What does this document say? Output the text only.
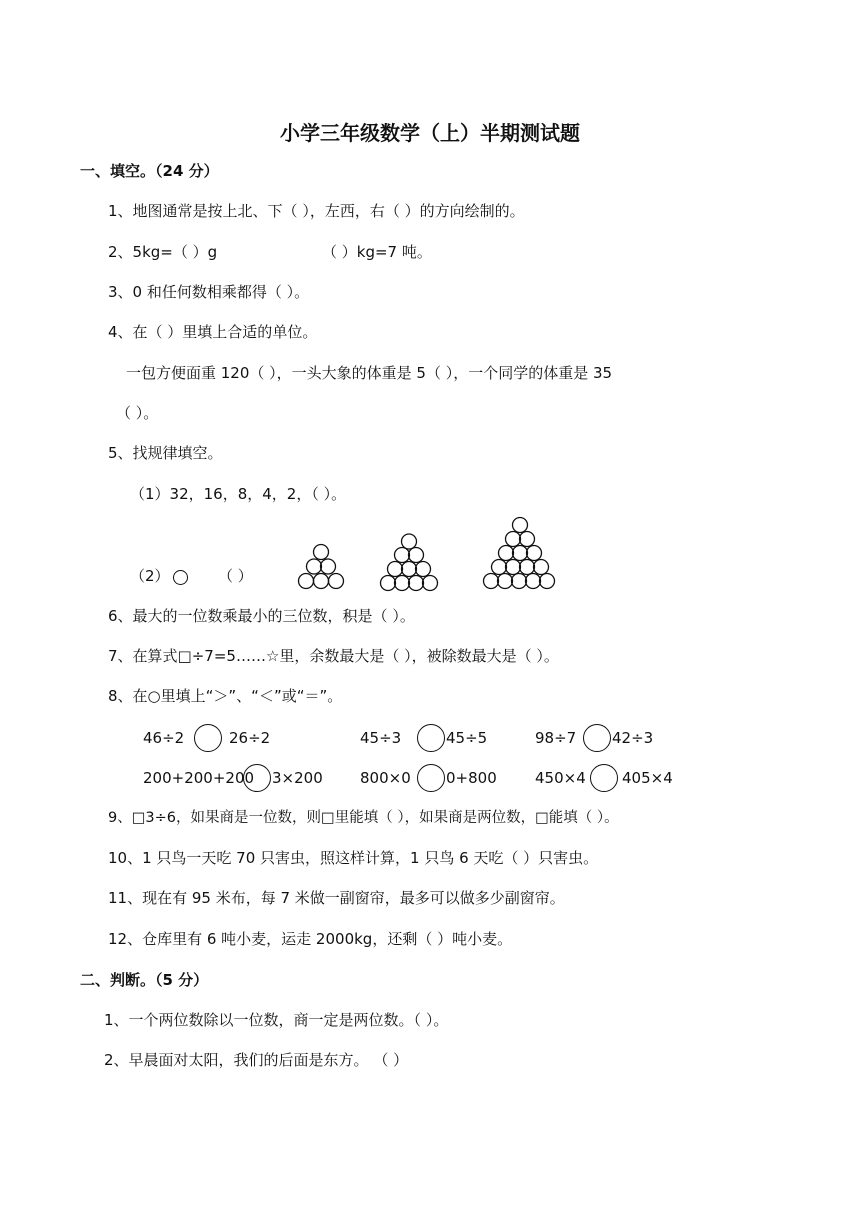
小学三年级数学（上）半期测试题
一、填空。（24 分）
1、地图通常是按上北、下（ ），左西，右（ ）的方向绘制的。
2、5kg=（ ）g	（ ）kg=7 吨。
3、0 和任何数相乘都得（ ）。
4、在（ ）里填上合适的单位。
一包方便面重 120（ ），一头大象的体重是 5（ ），一个同学的体重是 35
（ ）。
5、找规律填空。
（1）32，16，8，4，2，（ ）。
（2）	（ ）
6、最大的一位数乘最小的三位数，积是（ ）。
7、在算式□÷7=5……☆里，余数最大是（ ），被除数最大是（ ）。
8、在○里填上“＞”、“＜”或“＝”。
46÷2	26÷2	45÷3	45÷5	98÷7 42÷3
200+200+200 3×200 800×0 0+800	450×4 405×4
9、□3÷6，如果商是一位数，则□里能填（ ），如果商是两位数，□能填（ ）。
10、1 只鸟一天吃 70 只害虫，照这样计算，1 只鸟 6 天吃（ ）只害虫。
11、现在有 95 米布，每 7 米做一副窗帘，最多可以做多少副窗帘。
12、仓库里有 6 吨小麦，运走 2000kg，还剩（ ）吨小麦。
二、判断。（5 分）
1、一个两位数除以一位数，商一定是两位数。（ ）。
2、早晨面对太阳，我们的后面是东方。 （ ）
